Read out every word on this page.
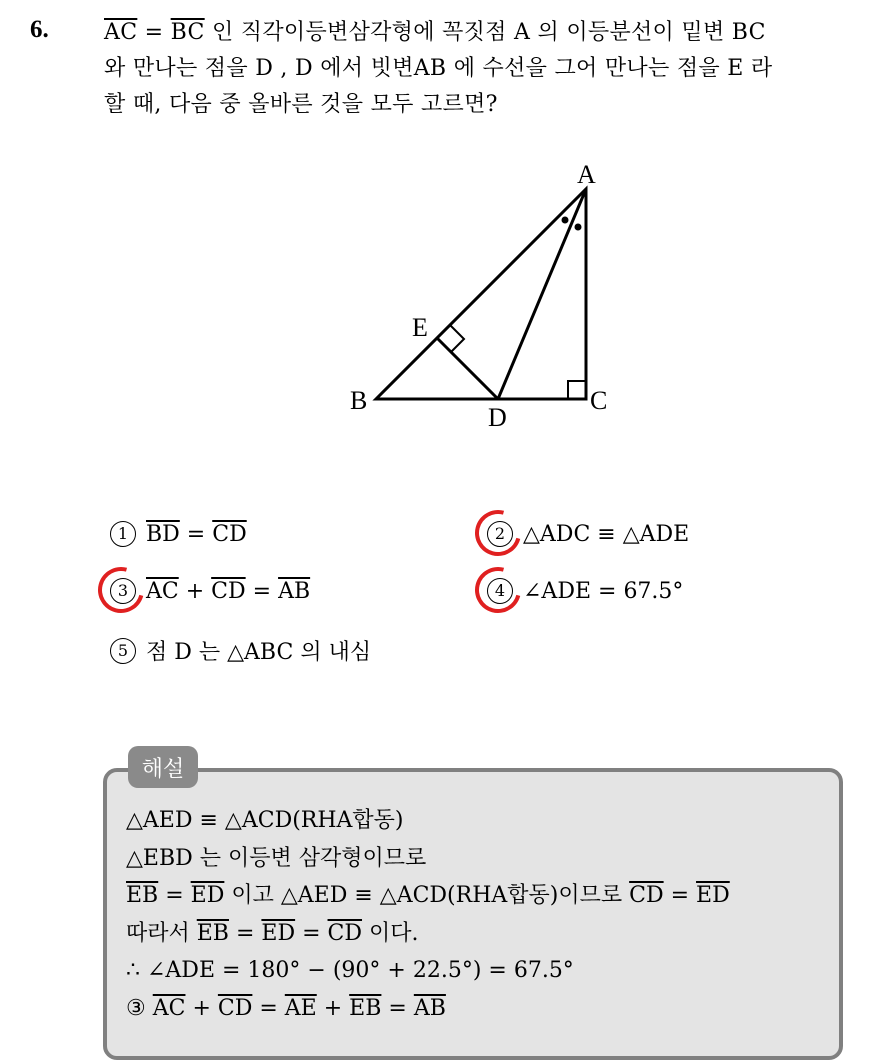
6.	$\overline{AC} = \overline{BC}$ 인 직각이등변삼각형에 꼭짓점 A 의 이등분선이 밑변 BC
와 만나는 점을 D , D 에서 빗변AB 에 수선을 그어 만나는 점을 E 라
할 때, 다음 중 올바른 것을 모두 고르면?
A
B	C
D
E
1 $\overline{BD} = \overline{CD}$	2 △ADC ≡ △ADE
3 $\overline{AC} + \overline{CD} = \overline{AB}$	4 ∠ADE = 67.5°
5 점 D 는 △ABC 의 내심
해설
△AED ≡ △ACD(RHA합동)
△EBD 는 이등변 삼각형이므로
$\overline{EB} = \overline{ED}$ 이고 △AED ≡ △ACD(RHA합동)이므로 $\overline{CD} = \overline{ED}$
따라서 $\overline{EB} = \overline{ED} = \overline{CD}$ 이다.
∴ ∠ADE = 180° − (90° + 22.5°) = 67.5°
③ $\overline{AC} + \overline{CD} = \overline{AE} + \overline{EB} = \overline{AB}$
